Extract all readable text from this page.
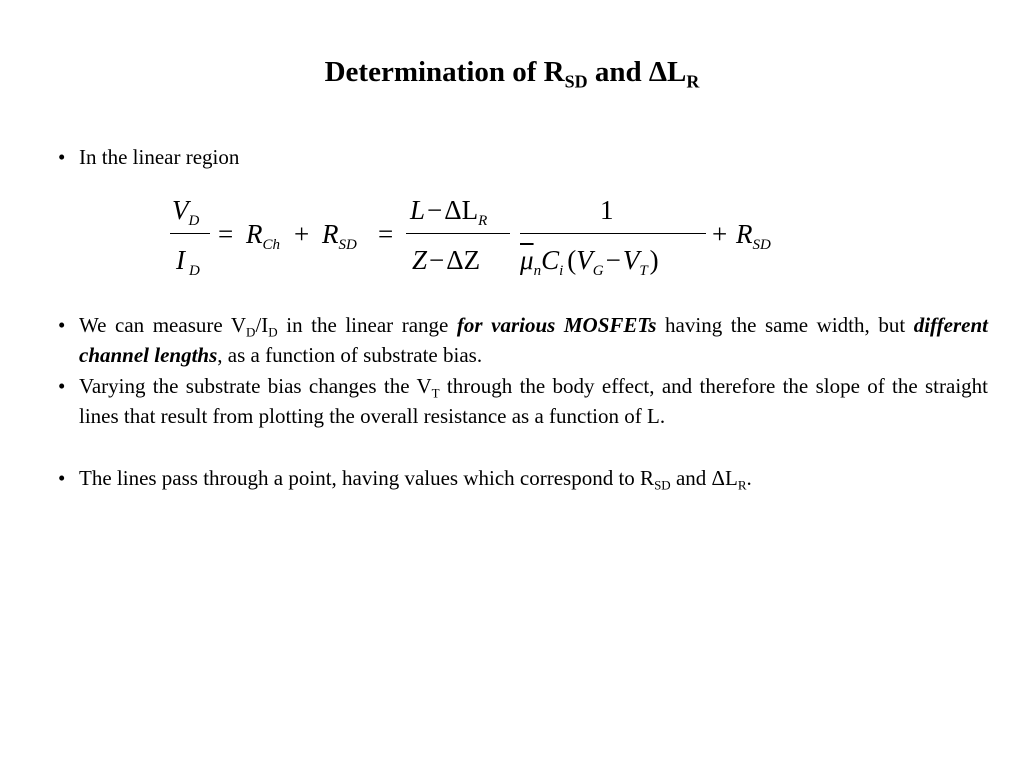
Determination of $R_{SD}$ and $\Delta L_R$
• In the linear region
$V_D$
I $_D$
= $R_{Ch} + R_{SD}$ =
$L-\Delta L_R$
Z−ΔZ
1
$\overline{\mu}_nC_i$ $(V_G-V_T)$
+ $R_{SD}$
• We can measure $V_D/I_D$ in the linear range for various MOSFETs having the same width, but different channel lengths, as a function of substrate bias.
• Varying the substrate bias changes the $V_T$ through the body effect, and therefore the slope of the straight lines that result from plotting the overall resistance as a function of L.
• The lines pass through a point, having values which correspond to $R_{SD}$ and $\Delta L_R$.
